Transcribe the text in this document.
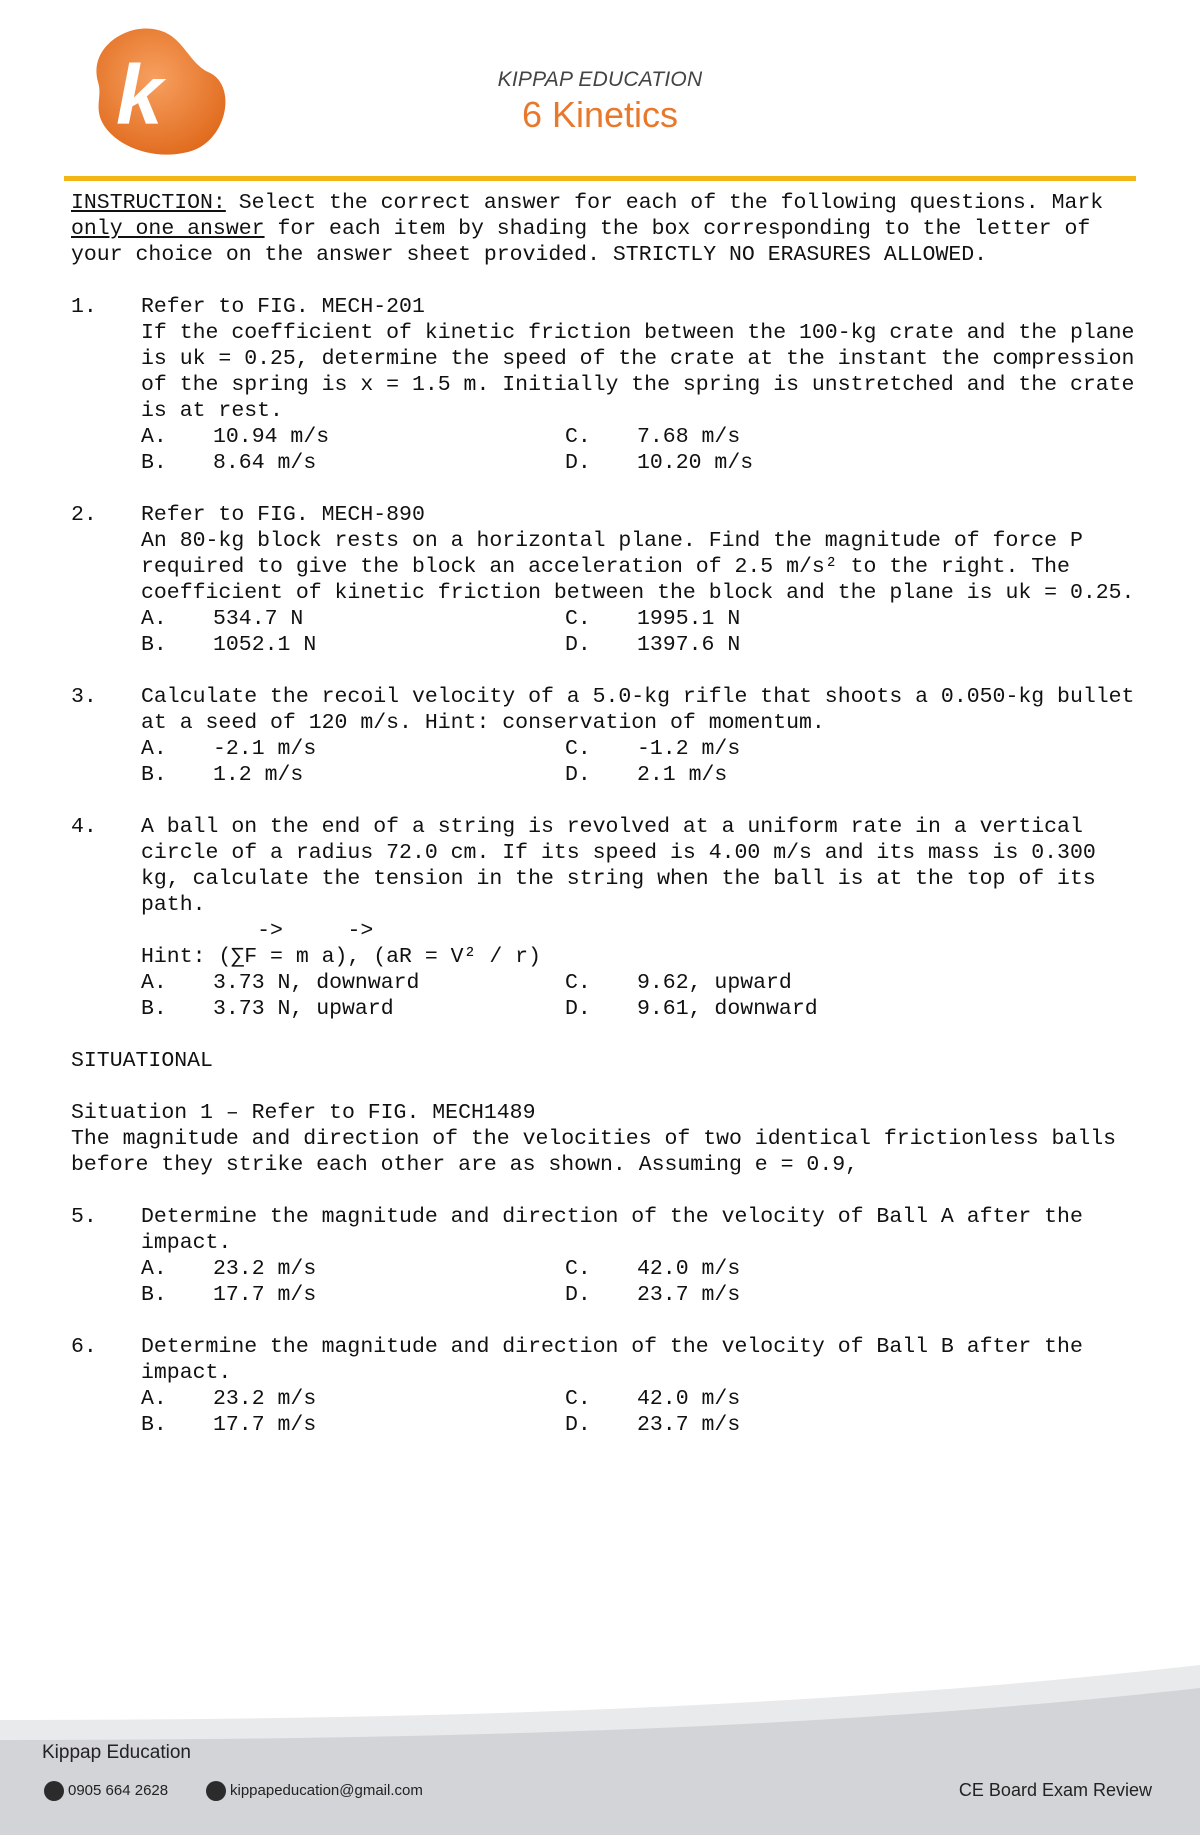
k	KIPPAP EDUCATION
6 Kinetics

INSTRUCTION: Select the correct answer for each of the following questions. Mark only one answer for each item by shading the box corresponding to the letter of your choice on the answer sheet provided. STRICTLY NO ERASURES ALLOWED.

1.	Refer to FIG. MECH-201

If the coefficient of kinetic friction between the 100-kg crate and the plane is uk = 0.25, determine the speed of the crate at the instant the compression of the spring is x = 1.5 m. Initially the spring is unstretched and the crate is at rest.

A.	10.94 m/s	C.	7.68 m/s
B.	8.64 m/s	D.	10.20 m/s
2.	Refer to FIG. MECH-890

An 80-kg block rests on a horizontal plane. Find the magnitude of force P required to give the block an acceleration of 2.5 m/s² to the right. The coefficient of kinetic friction between the block and the plane is uk = 0.25.

A.	534.7 N	C.	1995.1 N
B.	1052.1 N	D.	1397.6 N
3.	Calculate the recoil velocity of a 5.0-kg rifle that shoots a 0.050-kg bullet at a seed of 120 m/s. Hint: conservation of momentum.

A.	-2.1 m/s	C.	-1.2 m/s
B.	1.2 m/s	D.	2.1 m/s
4.	A ball on the end of a string is revolved at a uniform rate in a vertical circle of a radius 72.0 cm. If its speed is 4.00 m/s and its mass is 0.300 kg, calculate the tension in the string when the ball is at the top of its path.

->     ->

Hint: (∑F = m a), (aR = V² / r)

A.	3.73 N, downward	C.	9.62, upward
B.	3.73 N, upward	D.	9.61, downward

SITUATIONAL

Situation 1 – Refer to FIG. MECH1489

The magnitude and direction of the velocities of two identical frictionless balls before they strike each other are as shown. Assuming e = 0.9,

5.	Determine the magnitude and direction of the velocity of Ball A after the impact.

A.	23.2 m/s	C.	42.0 m/s
B.	17.7 m/s	D.	23.7 m/s
6.	Determine the magnitude and direction of the velocity of Ball B after the impact.

A.	23.2 m/s	C.	42.0 m/s
B.	17.7 m/s	D.	23.7 m/s
Kippap Education
0905 664 2628	kippapeducation@gmail.com	CE Board Exam Review
